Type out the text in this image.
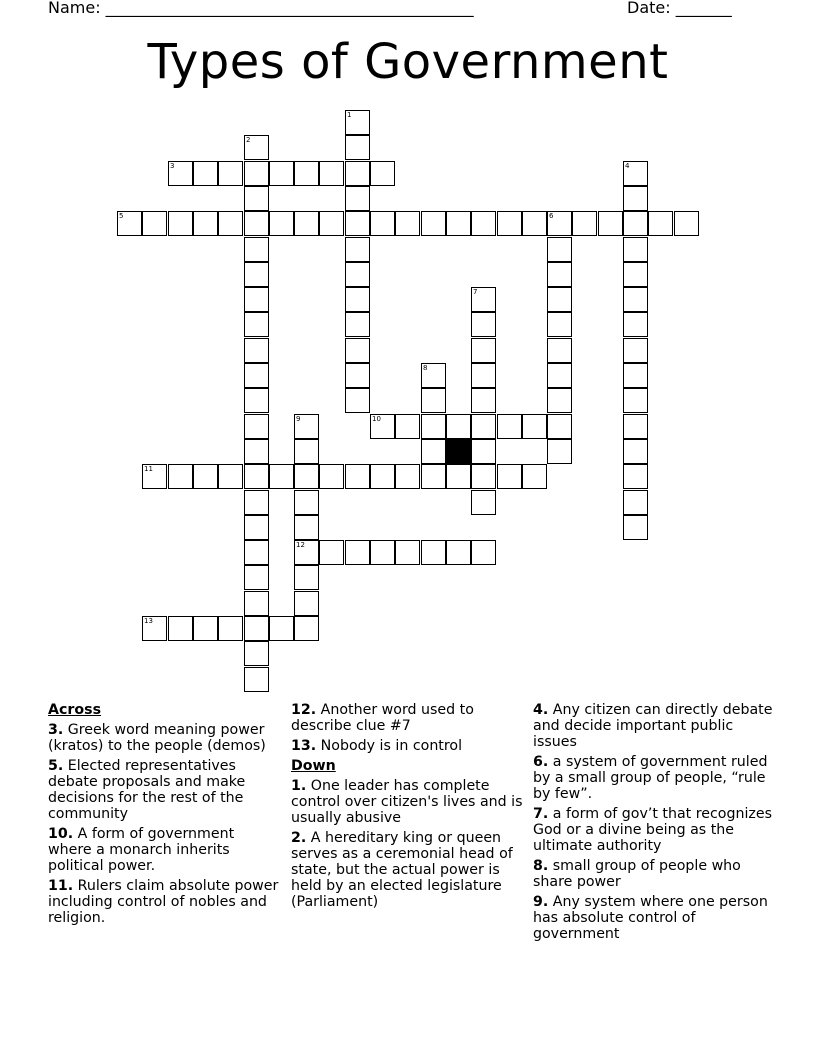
Name: ______________________________________________	Date: _______
Types of Government
1
2
3	4
5	6
7
8
9
12
10
11
13
Across
3. Greek word meaning power (kratos) to the people (demos)
5. Elected representatives debate proposals and make decisions for the rest of the community
10. A form of government where a monarch inherits political power.
11. Rulers claim absolute power including control of nobles and religion.
12. Another word used to describe clue #7
13. Nobody is in control
Down
1. One leader has complete control over citizen's lives and is usually abusive
2. A hereditary king or queen serves as a ceremonial head of state, but the actual power is held by an elected legislature (Parliament)
4. Any citizen can directly debate and decide important public issues
6. a system of government ruled by a small group of people, “rule by few”.
7. a form of gov’t that recognizes God or a divine being as the ultimate authority
8. small group of people who share power
9. Any system where one person has absolute control of government
